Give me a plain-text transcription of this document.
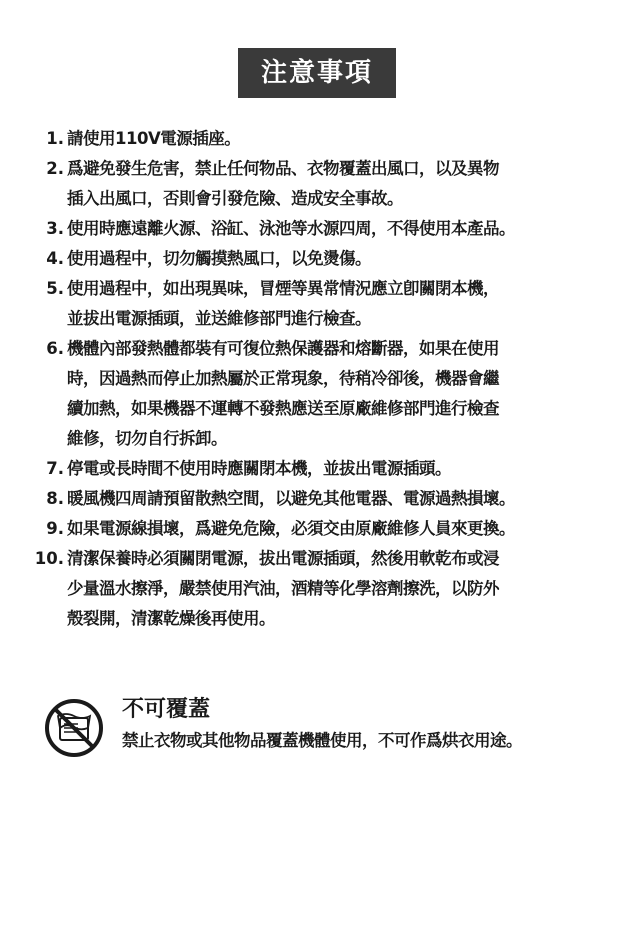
注意事項
1. 請使用110V電源插座。
2. 爲避免發生危害，禁止任何物品、衣物覆蓋出風口，以及異物
插入出風口，否則會引發危險、造成安全事故。
3. 使用時應遠離火源、浴缸、泳池等水源四周，不得使用本產品。
4. 使用過程中，切勿觸摸熱風口，以免燙傷。
5. 使用過程中，如出現異味，冒煙等異常情況應立卽關閉本機，
並拔出電源插頭，並送維修部門進行檢查。
6. 機體內部發熱體都裝有可復位熱保護器和熔斷器，如果在使用
時，因過熱而停止加熱屬於正常現象，待稍冷卻後，機器會繼
續加熱，如果機器不運轉不發熱應送至原廠維修部門進行檢查
維修，切勿自行拆卸。
7. 停電或長時間不使用時應關閉本機，並拔出電源插頭。
8. 暖風機四周請預留散熱空間，以避免其他電器、電源過熱損壞。
9. 如果電源線損壞，爲避免危險，必須交由原廠維修人員來更換。
10. 清潔保養時必須關閉電源，拔出電源插頭，然後用軟乾布或浸
少量溫水擦淨，嚴禁使用汽油，酒精等化學溶劑擦洗，以防外
殼裂開，清潔乾燥後再使用。
不可覆蓋
禁止衣物或其他物品覆蓋機體使用，不可作爲烘衣用途。
